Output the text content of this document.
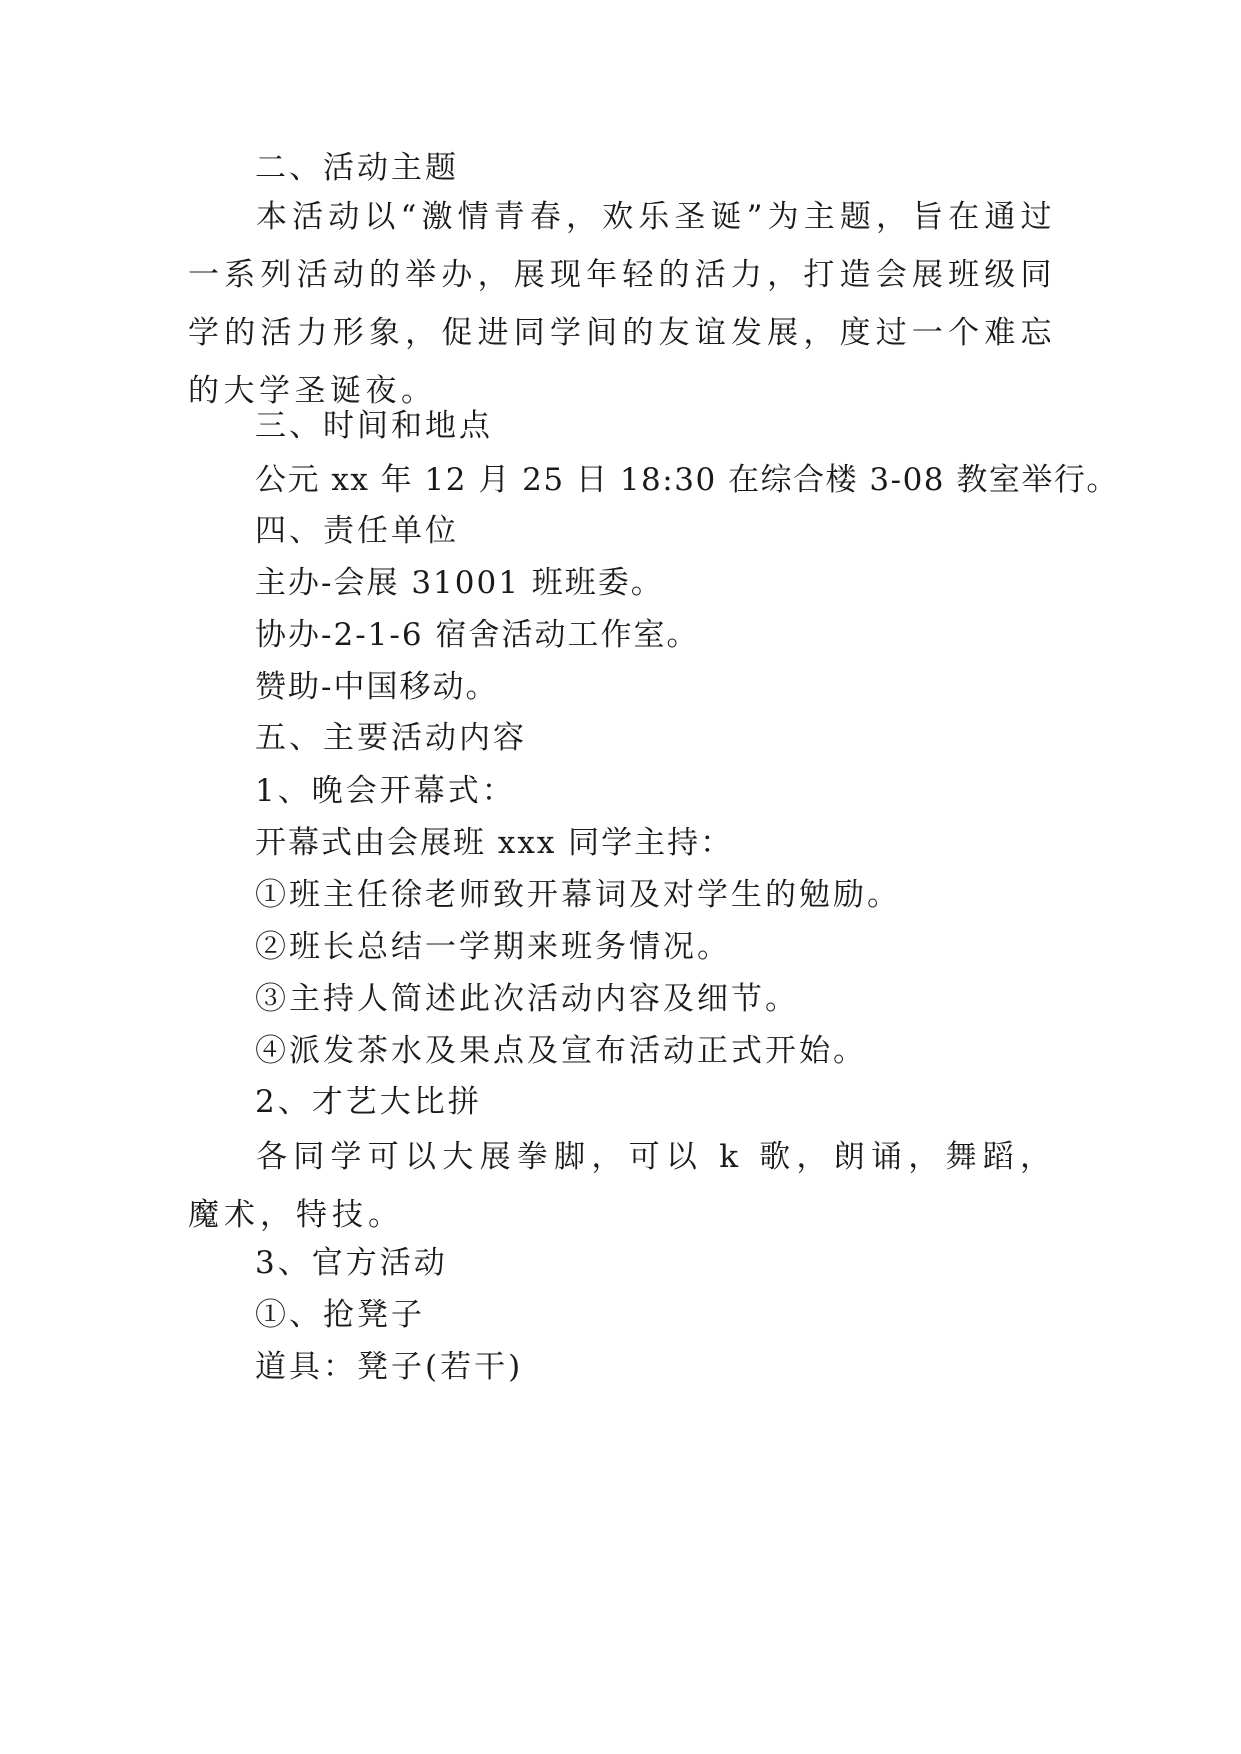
二、活动主题
本活动以“激情青春，欢乐圣诞”为主题，旨在通过一系列活动的举办，展现年轻的活力，打造会展班级同学的活力形象，促进同学间的友谊发展，度过一个难忘的大学圣诞夜。
三、时间和地点
公元 xx 年 12 月 25 日 18:30 在综合楼 3-08 教室举行。
四、责任单位
主办-会展 31001 班班委。
协办-2-1-6 宿舍活动工作室。
赞助-中国移动。
五、主要活动内容
1、晚会开幕式：
开幕式由会展班 xxx 同学主持：
①班主任徐老师致开幕词及对学生的勉励。
②班长总结一学期来班务情况。
③主持人简述此次活动内容及细节。
④派发茶水及果点及宣布活动正式开始。
2、才艺大比拼
各同学可以大展拳脚，可以 k 歌，朗诵，舞蹈，魔术，特技。
3、官方活动
①、抢凳子
道具：凳子(若干)
